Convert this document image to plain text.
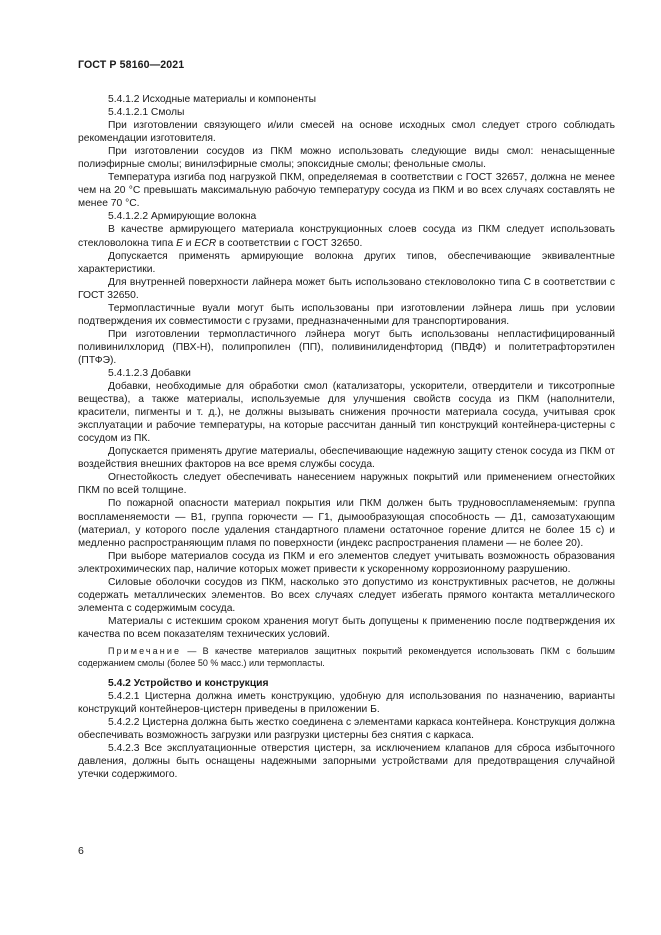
ГОСТ Р 58160—2021

5.4.1.2 Исходные материалы и компоненты

5.4.1.2.1 Смолы

При изготовлении связующего и/или смесей на основе исходных смол следует строго соблюдать рекомендации изготовителя.

При изготовлении сосудов из ПКМ можно использовать следующие виды смол: ненасыщенные полиэфирные смолы; винилэфирные смолы; эпоксидные смолы; фенольные смолы.

Температура изгиба под нагрузкой ПКМ, определяемая в соответствии с ГОСТ 32657, должна не менее чем на 20 °С превышать максимальную рабочую температуру сосуда из ПКМ и во всех случаях составлять не менее 70 °С.

5.4.1.2.2 Армирующие волокна

В качестве армирующего материала конструкционных слоев сосуда из ПКМ следует использовать стекловолокна типа Е и ECR в соответствии с ГОСТ 32650.

Допускается применять армирующие волокна других типов, обеспечивающие эквивалентные характеристики.

Для внутренней поверхности лайнера может быть использовано стекловолокно типа С в соответствии с ГОСТ 32650.

Термопластичные вуали могут быть использованы при изготовлении лэйнера лишь при условии подтверждения их совместимости с грузами, предназначенными для транспортирования.

При изготовлении термопластичного лэйнера могут быть использованы непластифицированный поливинилхлорид (ПВХ-Н), полипропилен (ПП), поливинилиденфторид (ПВДФ) и политетрафторэтилен (ПТФЭ).

5.4.1.2.3 Добавки

Добавки, необходимые для обработки смол (катализаторы, ускорители, отвердители и тиксотропные вещества), а также материалы, используемые для улучшения свойств сосуда из ПКМ (наполнители, красители, пигменты и т. д.), не должны вызывать снижения прочности материала сосуда, учитывая срок эксплуатации и рабочие температуры, на которые рассчитан данный тип конструкций контейнера-цистерны с сосудом из ПК.

Допускается применять другие материалы, обеспечивающие надежную защиту стенок сосуда из ПКМ от воздействия внешних факторов на все время службы сосуда.

Огнестойкость следует обеспечивать нанесением наружных покрытий или применением огнестойких ПКМ по всей толщине.

По пожарной опасности материал покрытия или ПКМ должен быть трудновоспламеняемым: группа воспламеняемости — В1, группа горючести — Г1, дымообразующая способность — Д1, самозатухающим (материал, у которого после удаления стандартного пламени остаточное горение длится не более 15 с) и медленно распространяющим пламя по поверхности (индекс распространения пламени — не более 20).

При выборе материалов сосуда из ПКМ и его элементов следует учитывать возможность образования электрохимических пар, наличие которых может привести к ускоренному коррозионному разрушению.

Силовые оболочки сосудов из ПКМ, насколько это допустимо из конструктивных расчетов, не должны содержать металлических элементов. Во всех случаях следует избегать прямого контакта металлического элемента с содержимым сосуда.

Материалы с истекшим сроком хранения могут быть допущены к применению после подтверждения их качества по всем показателям технических условий.

Примечание — В качестве материалов защитных покрытий рекомендуется использовать ПКМ с большим содержанием смолы (более 50 % масс.) или термопласты.

5.4.2 Устройство и конструкция

5.4.2.1 Цистерна должна иметь конструкцию, удобную для использования по назначению, варианты конструкций контейнеров-цистерн приведены в приложении Б.

5.4.2.2 Цистерна должна быть жестко соединена с элементами каркаса контейнера. Конструкция должна обеспечивать возможность загрузки или разгрузки цистерны без снятия с каркаса.

5.4.2.3 Все эксплуатационные отверстия цистерн, за исключением клапанов для сброса избыточного давления, должны быть оснащены надежными запорными устройствами для предотвращения случайной утечки содержимого.

6
